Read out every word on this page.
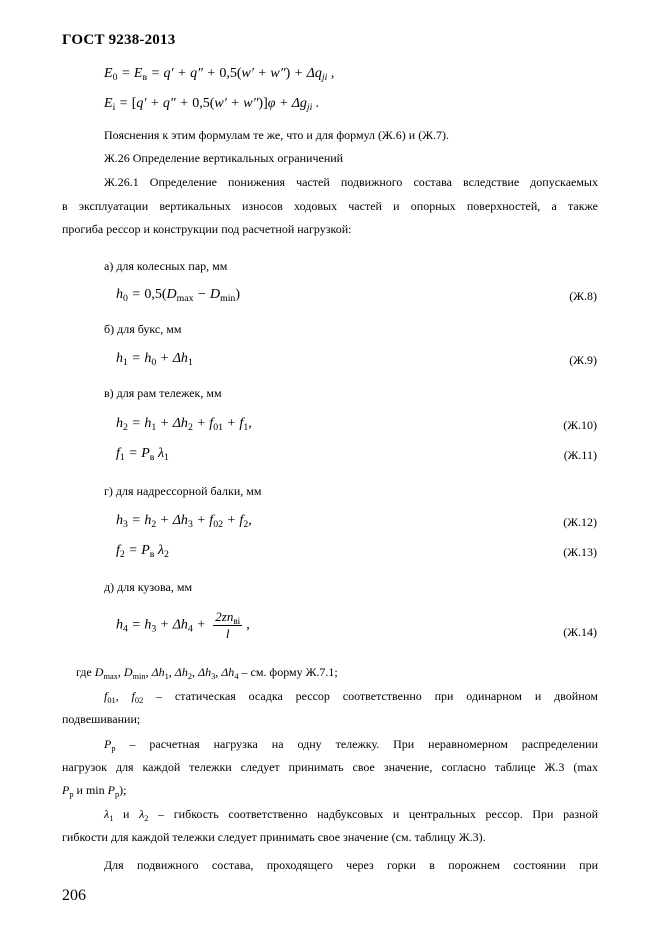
ГОСТ 9238-2013
$E_0 = E_в = q' + q'' + 0,5(w' + w'') + \Delta q_{ji}$ ,
$E_i = [q' + q'' + 0,5(w' + w'')]\varphi + \Delta g_{ji}$ .
Пояснения к этим формулам те же, что и для формул (Ж.6) и (Ж.7).
Ж.26 Определение вертикальных ограничений
Ж.26.1 Определение понижения частей подвижного состава вследствие допускаемых
в эксплуатации вертикальных износов ходовых частей и опорных поверхностей, а также
прогиба рессор и конструкции под расчетной нагрузкой:
а) для колесных пар, мм
$h_0 = 0,5(D_{max} - D_{min})$	(Ж.8)
б) для букс, мм
$h_1 = h_0 + \Delta h_1$	(Ж.9)
в) для рам тележек, мм
$h_2 = h_1 + \Delta h_2 + f_{01} + f_1$,	(Ж.10)
$f_1 = P_в$ $\lambda_1$	(Ж.11)
г) для надрессорной балки, мм
$h_3 = h_2 + \Delta h_3 + f_{02} + f_2$,	(Ж.12)
$f_2 = P_в$ $\lambda_2$	(Ж.13)
д) для кузова, мм
$h_4 = h_3 + \Delta h_4 + \frac{2zn_{вi}}{l}$ ,	(Ж.14)
где $D_{max}$, $D_{min}$, $\Delta h_1$, $\Delta h_2$, $\Delta h_3$, $\Delta h_4$ – см. форму Ж.7.1;
$f_{01}$, $f_{02}$ – статическая осадка рессор соответственно при одинарном и двойном
подвешивании;
$P_р$ – расчетная нагрузка на одну тележку. При неравномерном распределении
нагрузок для каждой тележки следует принимать свое значение, согласно таблице Ж.3 (max
$P_р$ и $\min P_р$);
$\lambda_1$ и $\lambda_2$ – гибкость соответственно надбуксовых и центральных рессор. При разной
гибкости для каждой тележки следует принимать свое значение (см. таблицу Ж.3).
Для подвижного состава, проходящего через горки в порожнем состоянии при
206
